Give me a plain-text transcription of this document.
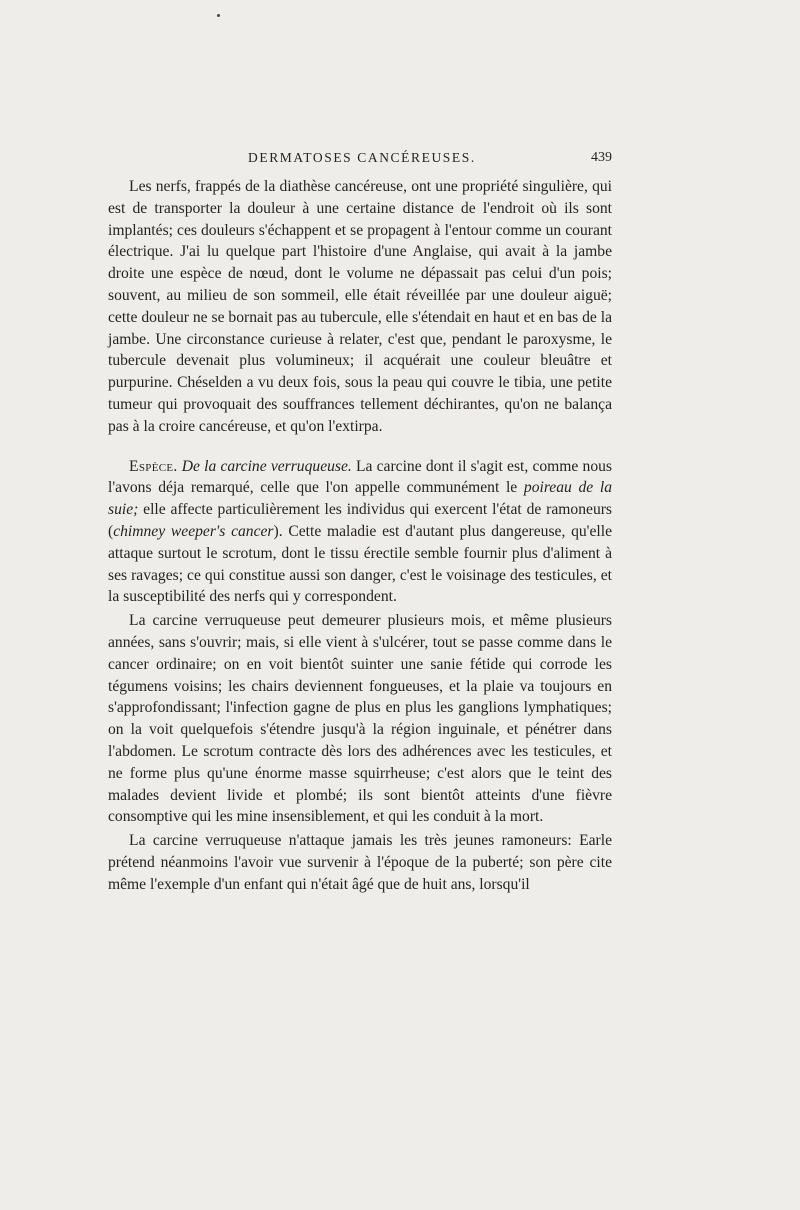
DERMATOSES CANCÉREUSES.	439

Les nerfs, frappés de la diathèse cancéreuse, ont une propriété singulière, qui est de transporter la douleur à une certaine distance de l'endroit où ils sont implantés; ces douleurs s'échappent et se propagent à l'entour comme un courant électrique. J'ai lu quelque part l'histoire d'une Anglaise, qui avait à la jambe droite une espèce de nœud, dont le volume ne dépassait pas celui d'un pois; souvent, au milieu de son sommeil, elle était réveillée par une douleur aiguë; cette douleur ne se bornait pas au tubercule, elle s'étendait en haut et en bas de la jambe. Une circonstance curieuse à relater, c'est que, pendant le paroxysme, le tubercule devenait plus volumineux; il acquérait une couleur bleuâtre et purpurine. Chéselden a vu deux fois, sous la peau qui couvre le tibia, une petite tumeur qui provoquait des souffrances tellement déchirantes, qu'on ne balança pas à la croire cancéreuse, et qu'on l'extirpa.

Espèce. De la carcine verruqueuse. La carcine dont il s'agit est, comme nous l'avons déja remarqué, celle que l'on appelle communément le poireau de la suie; elle affecte particulièrement les individus qui exercent l'état de ramoneurs (chimney weeper's cancer). Cette maladie est d'autant plus dangereuse, qu'elle attaque surtout le scrotum, dont le tissu érectile semble fournir plus d'aliment à ses ravages; ce qui constitue aussi son danger, c'est le voisinage des testicules, et la susceptibilité des nerfs qui y correspondent.

La carcine verruqueuse peut demeurer plusieurs mois, et même plusieurs années, sans s'ouvrir; mais, si elle vient à s'ulcérer, tout se passe comme dans le cancer ordinaire; on en voit bientôt suinter une sanie fétide qui corrode les tégumens voisins; les chairs deviennent fongueuses, et la plaie va toujours en s'approfondissant; l'infection gagne de plus en plus les ganglions lymphatiques; on la voit quelquefois s'étendre jusqu'à la région inguinale, et pénétrer dans l'abdomen. Le scrotum contracte dès lors des adhérences avec les testicules, et ne forme plus qu'une énorme masse squirrheuse; c'est alors que le teint des malades devient livide et plombé; ils sont bientôt atteints d'une fièvre consomptive qui les mine insensiblement, et qui les conduit à la mort.

La carcine verruqueuse n'attaque jamais les très jeunes ramoneurs: Earle prétend néanmoins l'avoir vue survenir à l'époque de la puberté; son père cite même l'exemple d'un enfant qui n'était âgé que de huit ans, lorsqu'il
